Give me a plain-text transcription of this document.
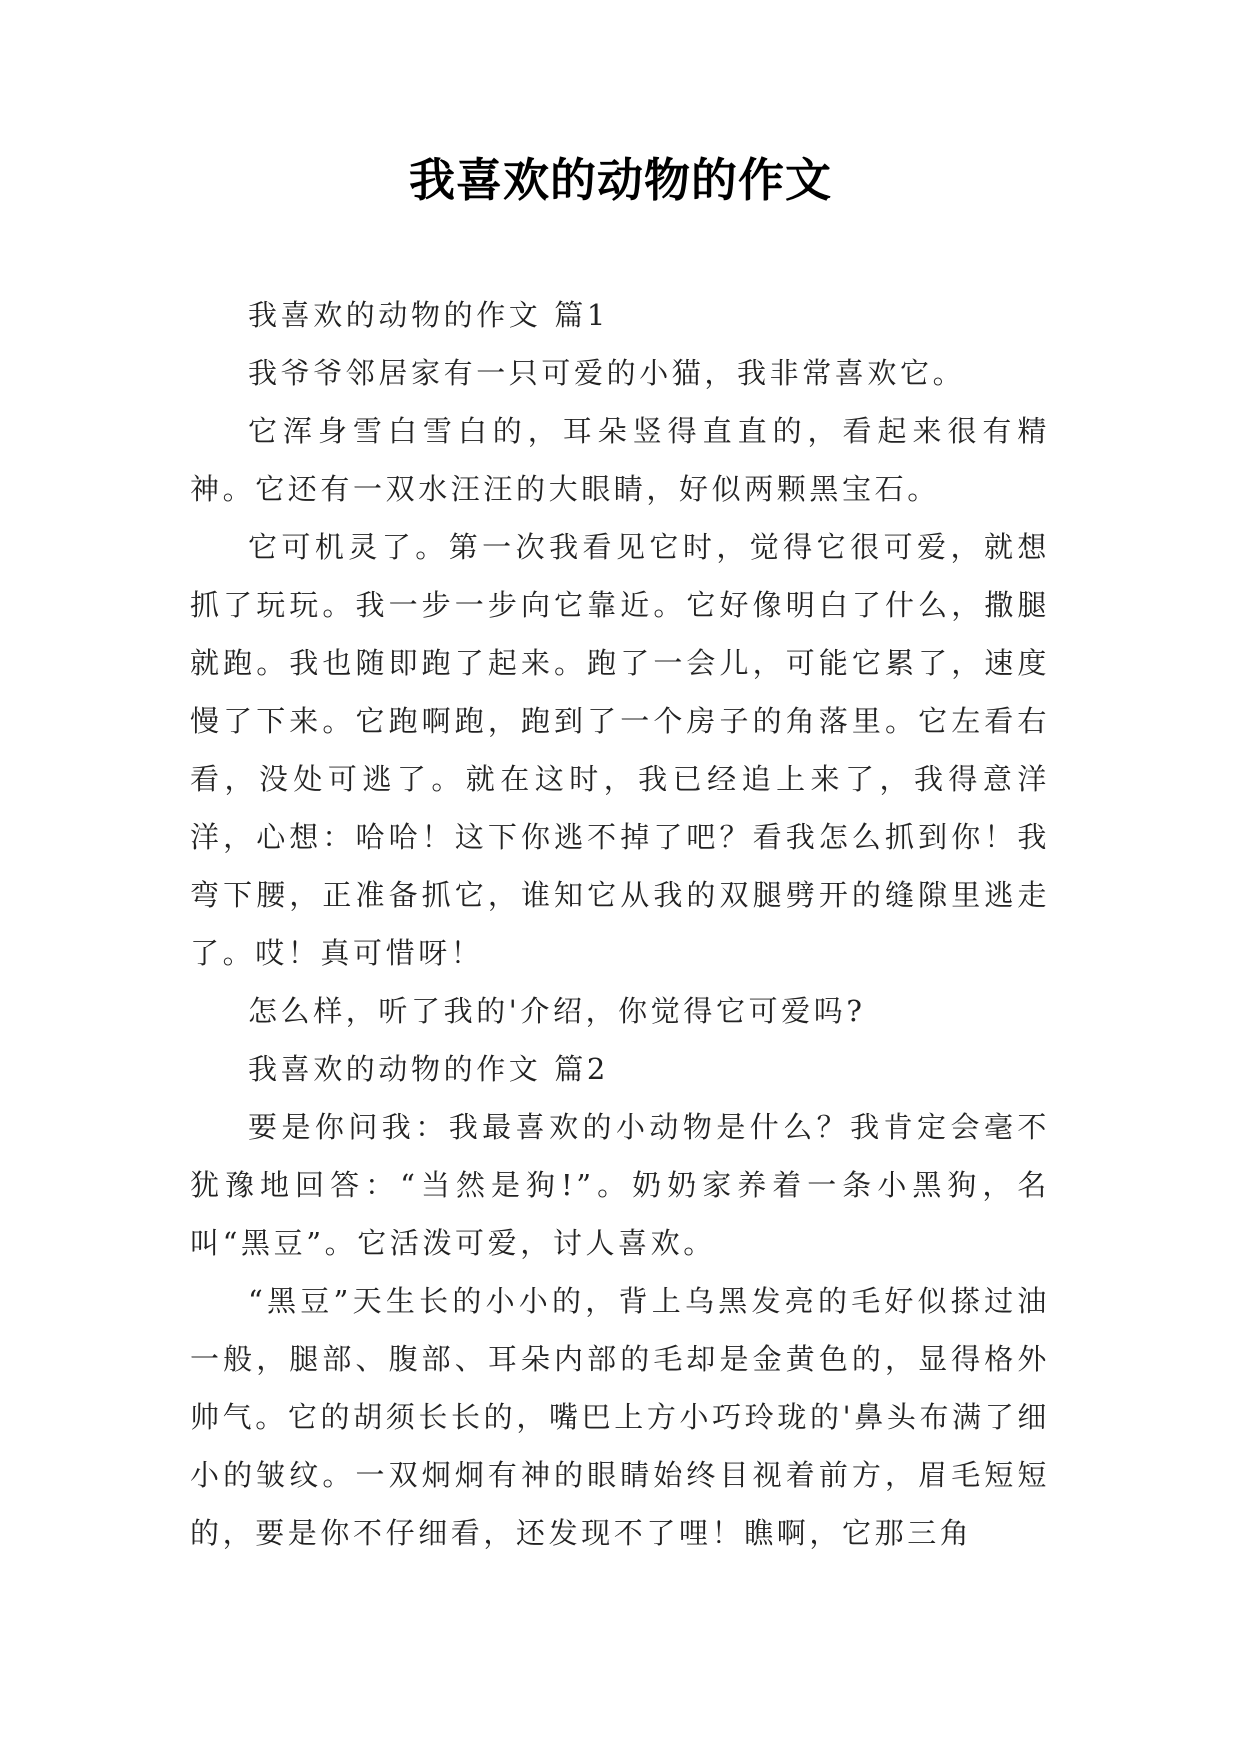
我喜欢的动物的作文

我喜欢的动物的作文 篇1

我爷爷邻居家有一只可爱的小猫，我非常喜欢它。

它浑身雪白雪白的，耳朵竖得直直的，看起来很有精神。它还有一双水汪汪的大眼睛，好似两颗黑宝石。

它可机灵了。第一次我看见它时，觉得它很可爱，就想抓了玩玩。我一步一步向它靠近。它好像明白了什么，撒腿就跑。我也随即跑了起来。跑了一会儿，可能它累了，速度慢了下来。它跑啊跑，跑到了一个房子的角落里。它左看右看，没处可逃了。就在这时，我已经追上来了，我得意洋洋，心想：哈哈！这下你逃不掉了吧？看我怎么抓到你！我弯下腰，正准备抓它，谁知它从我的双腿劈开的缝隙里逃走了。哎！真可惜呀！

怎么样，听了我的'介绍，你觉得它可爱吗?

我喜欢的动物的作文 篇2

要是你问我：我最喜欢的小动物是什么？我肯定会毫不犹豫地回答：“当然是狗!”。奶奶家养着一条小黑狗，名叫“黑豆”。它活泼可爱，讨人喜欢。

“黑豆”天生长的小小的，背上乌黑发亮的毛好似搽过油一般，腿部、腹部、耳朵内部的毛却是金黄色的，显得格外帅气。它的胡须长长的，嘴巴上方小巧玲珑的'鼻头布满了细小的皱纹。一双炯炯有神的眼睛始终目视着前方，眉毛短短的，要是你不仔细看，还发现不了哩！瞧啊，它那三角
